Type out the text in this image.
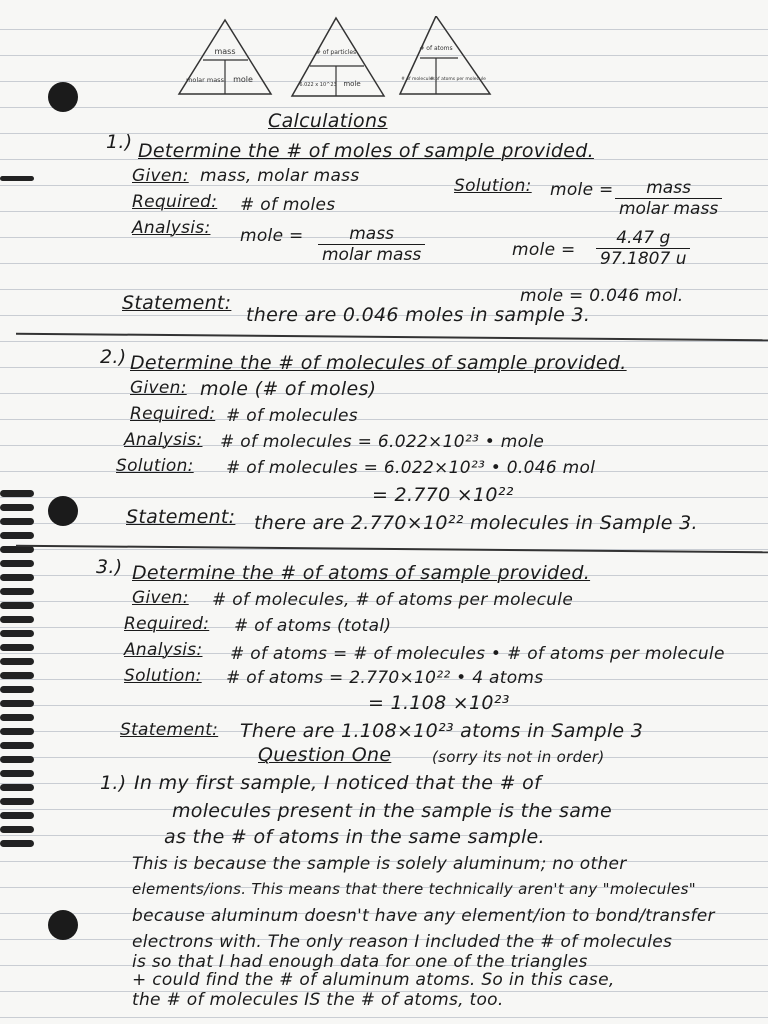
mass
molar mass mole
# of particles
6.022 x 10^23 mole
# of atoms
# of molecules
# of atoms per molecule
Calculations
1.) Determine the # of moles of sample provided.
Given: mass, molar mass	Solution: mole =	mass
molar mass
Required: # of moles
Analysis: mole =	mass
molar mass	mole = $\frac{4.47 g}{97.1807 u}$
mole = 0.046 mol.
Statement:
there are 0.046 moles in sample 3.
2.) Determine the # of molecules of sample provided.
Given: mole (# of moles)
Required: # of molecules
Analysis: # of molecules = 6.022×10²³ • mole
Solution: # of molecules = 6.022×10²³ • 0.046 mol
= 2.770 ×10²²
Statement: there are 2.770×10²² molecules in Sample 3.
3.) Determine the # of atoms of sample provided.
Given: # of molecules, # of atoms per molecule
Required: # of atoms (total)
Analysis: # of atoms = # of molecules • # of atoms per molecule
Solution: # of atoms = 2.770×10²² • 4 atoms
= 1.108 ×10²³
Statement: There are 1.108×10²³ atoms in Sample 3
Question One	(sorry its not in order)
1.) In my first sample, I noticed that the # of
molecules present in the sample is the same
as the # of atoms in the same sample.
This is because the sample is solely aluminum; no other
elements/ions. This means that there technically aren't any "molecules"
because aluminum doesn't have any element/ion to bond/transfer
electrons with. The only reason I included the # of molecules
is so that I had enough data for one of the triangles
+ could find the # of aluminum atoms. So in this case,
the # of molecules IS the # of atoms, too.
